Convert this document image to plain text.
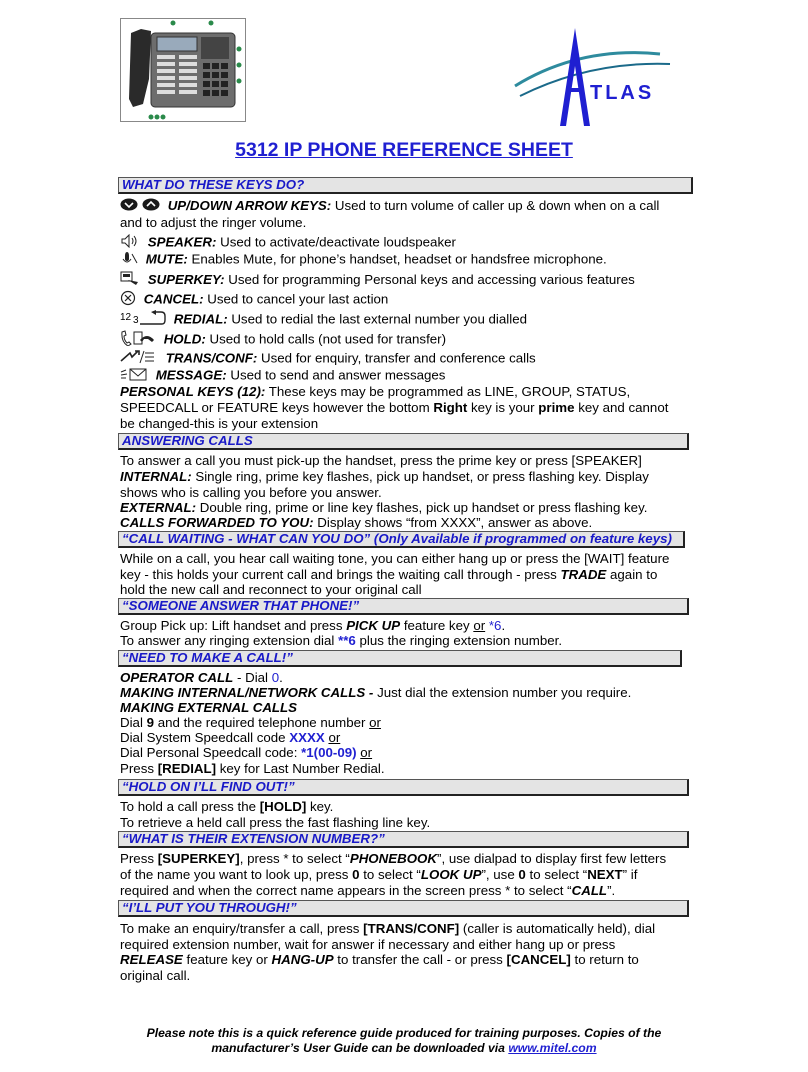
TLAS
5312 IP PHONE REFERENCE SHEET
WHAT DO THESE KEYS DO?
UP/DOWN ARROW KEYS: Used to turn volume of caller up & down when on a call
and to adjust the ringer volume.
SPEAKER: Used to activate/deactivate loudspeaker
MUTE: Enables Mute, for phone’s handset, headset or handsfree microphone.
SUPERKEY: Used for programming Personal keys and accessing various features
CANCEL: Used to cancel your last action
12 3	REDIAL: Used to redial the last external number you dialled
HOLD: Used to hold calls (not used for transfer)
TRANS/CONF: Used for enquiry, transfer and conference calls
MESSAGE: Used to send and answer messages
PERSONAL KEYS (12): These keys may be programmed as LINE, GROUP, STATUS,
SPEEDCALL or FEATURE keys however the bottom Right key is your prime key and cannot
be changed-this is your extension
ANSWERING CALLS
To answer a call you must pick-up the handset, press the prime key or press [SPEAKER]
INTERNAL: Single ring, prime key flashes, pick up handset, or press flashing key. Display
shows who is calling you before you answer.
EXTERNAL: Double ring, prime or line key flashes, pick up handset or press flashing key.
CALLS FORWARDED TO YOU: Display shows “from XXXX”, answer as above.
“CALL WAITING - WHAT CAN YOU DO” (Only Available if programmed on feature keys)
While on a call, you hear call waiting tone, you can either hang up or press the [WAIT] feature
key - this holds your current call and brings the waiting call through - press TRADE again to
hold the new call and reconnect to your original call
“SOMEONE ANSWER THAT PHONE!”
Group Pick up: Lift handset and press PICK UP feature key or *6.
To answer any ringing extension dial **6 plus the ringing extension number.
“NEED TO MAKE A CALL!”
OPERATOR CALL - Dial 0.
MAKING INTERNAL/NETWORK CALLS - Just dial the extension number you require.
MAKING EXTERNAL CALLS
Dial 9 and the required telephone number or
Dial System Speedcall code XXXX or
Dial Personal Speedcall code: *1(00-09) or
Press [REDIAL] key for Last Number Redial.
“HOLD ON I’LL FIND OUT!”
To hold a call press the [HOLD] key.
To retrieve a held call press the fast flashing line key.
“WHAT IS THEIR EXTENSION NUMBER?”
Press [SUPERKEY], press * to select “PHONEBOOK”, use dialpad to display first few letters
of the name you want to look up, press 0 to select “LOOK UP”, use 0 to select “NEXT” if
required and when the correct name appears in the screen press * to select “CALL”.
“I’LL PUT YOU THROUGH!”
To make an enquiry/transfer a call, press [TRANS/CONF] (caller is automatically held), dial
required extension number, wait for answer if necessary and either hang up or press
RELEASE feature key or HANG-UP to transfer the call - or press [CANCEL] to return to
original call.
Please note this is a quick reference guide produced for training purposes. Copies of the
manufacturer’s User Guide can be downloaded via www.mitel.com
